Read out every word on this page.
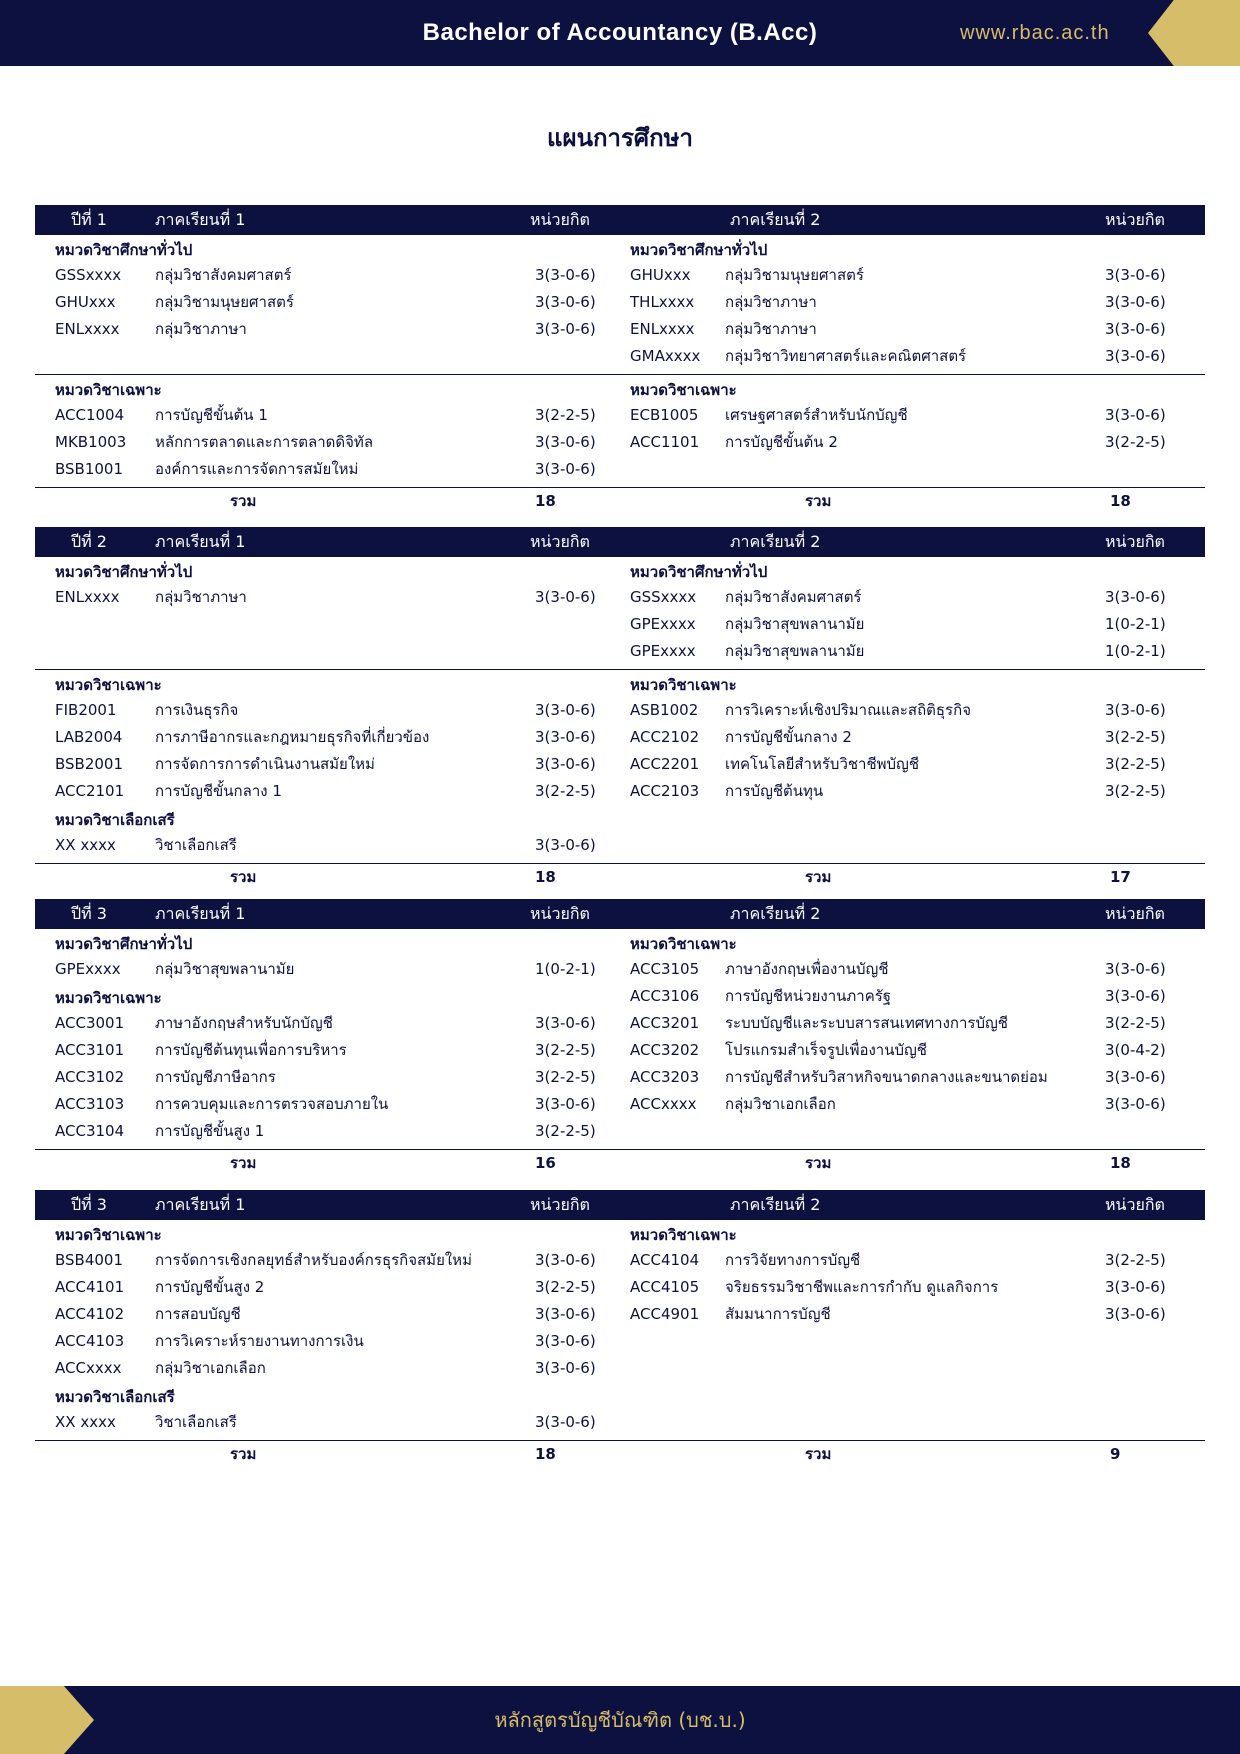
Bachelor of Accountancy (B.Acc)	www.rbac.ac.th
แผนการศึกษา
ปีที่ 1	ภาคเรียนที่ 1	หน่วยกิต	ภาคเรียนที่ 2	หน่วยกิต
หมวดวิชาศึกษาทั่วไป
GSSxxxx กลุ่มวิชาสังคมศาสตร์	3(3-0-6)
GHUxxx	กลุ่มวิชามนุษยศาสตร์	3(3-0-6)
ENLxxxx กลุ่มวิชาภาษา	3(3-0-6)
หมวดวิชาศึกษาทั่วไป
GHUxxx กลุ่มวิชามนุษยศาสตร์	3(3-0-6)
THLxxxx กลุ่มวิชาภาษา	3(3-0-6)
ENLxxxx กลุ่มวิชาภาษา	3(3-0-6)
GMAxxxx กลุ่มวิชาวิทยาศาสตร์และคณิตศาสตร์	3(3-0-6)
หมวดวิชาเฉพาะ
ACC1004 การบัญชีขั้นต้น 1	3(2-2-5)
MKB1003 หลักการตลาดและการตลาดดิจิทัล	3(3-0-6)
BSB1001 องค์การและการจัดการสมัยใหม่	3(3-0-6)
หมวดวิชาเฉพาะ
ECB1005 เศรษฐศาสตร์สำหรับนักบัญชี	3(3-0-6)
ACC1101 การบัญชีขั้นต้น 2	3(2-2-5)
รวม	18	รวม	18
ปีที่ 2	ภาคเรียนที่ 1	หน่วยกิต	ภาคเรียนที่ 2	หน่วยกิต
หมวดวิชาศึกษาทั่วไป
ENLxxxx กลุ่มวิชาภาษา	3(3-0-6)
หมวดวิชาศึกษาทั่วไป
GSSxxxx กลุ่มวิชาสังคมศาสตร์	3(3-0-6)
GPExxxx กลุ่มวิชาสุขพลานามัย	1(0-2-1)
GPExxxx กลุ่มวิชาสุขพลานามัย	1(0-2-1)
หมวดวิชาเฉพาะ
FIB2001	การเงินธุรกิจ	3(3-0-6)
LAB2004 การภาษีอากรและกฎหมายธุรกิจที่เกี่ยวข้อง	3(3-0-6)
BSB2001 การจัดการการดำเนินงานสมัยใหม่	3(3-0-6)
ACC2101 การบัญชีขั้นกลาง 1	3(2-2-5)
หมวดวิชาเลือกเสรี
XX xxxx	วิชาเลือกเสรี	3(3-0-6)
หมวดวิชาเฉพาะ
ASB1002 การวิเคราะห์เชิงปริมาณและสถิติธุรกิจ	3(3-0-6)
ACC2102 การบัญชีขั้นกลาง 2	3(2-2-5)
ACC2201 เทคโนโลยีสำหรับวิชาชีพบัญชี	3(2-2-5)
ACC2103 การบัญชีต้นทุน	3(2-2-5)
รวม	18	รวม	17
ปีที่ 3	ภาคเรียนที่ 1	หน่วยกิต	ภาคเรียนที่ 2	หน่วยกิต
หมวดวิชาศึกษาทั่วไป
GPExxxx กลุ่มวิชาสุขพลานามัย	1(0-2-1)
หมวดวิชาเฉพาะ
ACC3001 ภาษาอังกฤษสำหรับนักบัญชี	3(3-0-6)
ACC3101 การบัญชีต้นทุนเพื่อการบริหาร	3(2-2-5)
ACC3102 การบัญชีภาษีอากร	3(2-2-5)
ACC3103 การควบคุมและการตรวจสอบภายใน	3(3-0-6)
ACC3104 การบัญชีขั้นสูง 1	3(2-2-5)
หมวดวิชาเฉพาะ
ACC3105 ภาษาอังกฤษเพื่องานบัญชี	3(3-0-6)
ACC3106 การบัญชีหน่วยงานภาครัฐ	3(3-0-6)
ACC3201 ระบบบัญชีและระบบสารสนเทศทางการบัญชี	3(2-2-5)
ACC3202 โปรแกรมสำเร็จรูปเพื่องานบัญชี	3(0-4-2)
ACC3203 การบัญชีสำหรับวิสาหกิจขนาดกลางและขนาดย่อม	3(3-0-6)
ACCxxxx กลุ่มวิชาเอกเลือก	3(3-0-6)
รวม	16	รวม	18
ปีที่ 3	ภาคเรียนที่ 1	หน่วยกิต	ภาคเรียนที่ 2	หน่วยกิต
หมวดวิชาเฉพาะ
BSB4001 การจัดการเชิงกลยุทธ์สำหรับองค์กรธุรกิจสมัยใหม่	3(3-0-6)
ACC4101 การบัญชีขั้นสูง 2	3(2-2-5)
ACC4102 การสอบบัญชี	3(3-0-6)
ACC4103 การวิเคราะห์รายงานทางการเงิน	3(3-0-6)
ACCxxxx กลุ่มวิชาเอกเลือก	3(3-0-6)
หมวดวิชาเลือกเสรี
XX xxxx	วิชาเลือกเสรี	3(3-0-6)
หมวดวิชาเฉพาะ
ACC4104 การวิจัยทางการบัญชี	3(2-2-5)
ACC4105 จริยธรรมวิชาชีพและการกำกับ ดูแลกิจการ	3(3-0-6)
ACC4901 สัมมนาการบัญชี	3(3-0-6)
รวม	18	รวม	9
หลักสูตรบัญชีบัณฑิต (บช.บ.)
